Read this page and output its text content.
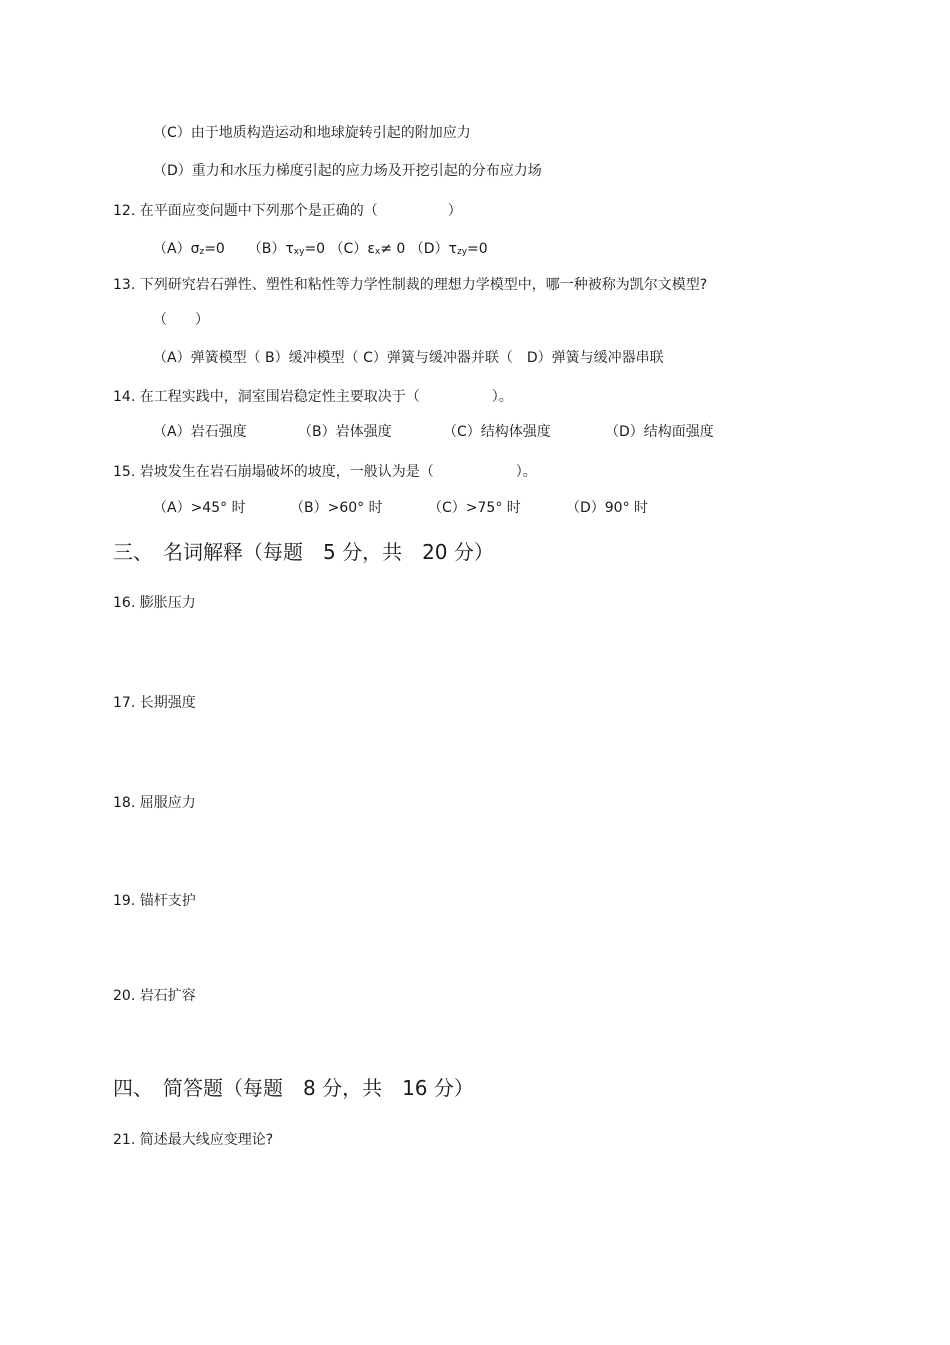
（C）由于地质构造运动和地球旋转引起的附加应力
（D）重力和水压力梯度引起的应力场及开挖引起的分布应力场
12. 在平面应变问题中下列那个是正确的（	）
$(A)\sigma_z=0$ $(B)\tau_{xy}=0$ $(C)\varepsilon_x\ne 0$ $(D)\tau_{zy}=0$
13. 下列研究岩石弹性、塑性和粘性等力学性制裁的理想力学模型中，哪一种被称为凯尔文模型?
（　　）
（A）弹簧模型（ B）缓冲模型（ C）弹簧与缓冲器并联（　D）弹簧与缓冲器串联
14. 在工程实践中，洞室围岩稳定性主要取决于（	）。
（A）岩石强度	（B）岩体强度	（C）结构体强度	（D）结构面强度
15. 岩坡发生在岩石崩塌破坏的坡度，一般认为是（	）。
（A）>45° 时	（B）>60° 时	（C）>75° 时	（D）90° 时
三、　名词解释（每题　5 分，共　20 分）
16. 膨胀压力
17. 长期强度
18. 屈服应力
19. 锚杆支护
20. 岩石扩容
四、　简答题（每题　8 分，共　16 分）
21. 简述最大线应变理论?
